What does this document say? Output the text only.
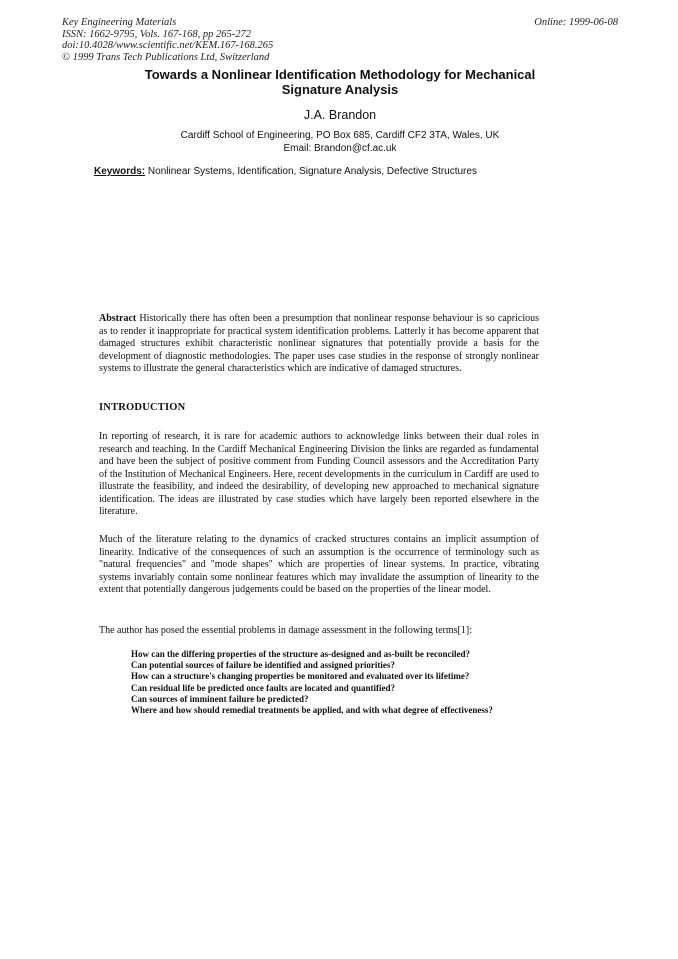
Key Engineering Materials
ISSN: 1662-9795, Vols. 167-168, pp 265-272
doi:10.4028/www.scientific.net/KEM.167-168.265
© 1999 Trans Tech Publications Ltd, Switzerland
Online: 1999-06-08
Towards a Nonlinear Identification Methodology for Mechanical
Signature Analysis
J.A. Brandon
Cardiff School of Engineering, PO Box 685, Cardiff CF2 3TA, Wales, UK
Email: Brandon@cf.ac.uk
Keywords: Nonlinear Systems, Identification, Signature Analysis, Defective Structures
Abstract Historically there has often been a presumption that nonlinear response behaviour is so capricious as to render it inappropriate for practical system identification problems. Latterly it has become apparent that damaged structures exhibit characteristic nonlinear signatures that potentially provide a basis for the development of diagnostic methodologies. The paper uses case studies in the response of strongly nonlinear systems to illustrate the general characteristics which are indicative of damaged structures.
INTRODUCTION
In reporting of research, it is rare for academic authors to acknowledge links between their dual roles in research and teaching. In the Cardiff Mechanical Engineering Division the links are regarded as fundamental and have been the subject of positive comment from Funding Council assessors and the Accreditation Party of the Institution of Mechanical Engineers. Here, recent developments in the curriculum in Cardiff are used to illustrate the feasibility, and indeed the desirability, of developing new approached to mechanical signature identification. The ideas are illustrated by case studies which have largely been reported elsewhere in the literature.
Much of the literature relating to the dynamics of cracked structures contains an implicit assumption of linearity. Indicative of the consequences of such an assumption is the occurrence of terminology such as "natural frequencies" and "mode shapes" which are properties of linear systems. In practice, vibrating systems invariably contain some nonlinear features which may invalidate the assumption of linearity to the extent that potentially dangerous judgements could be based on the properties of the linear model.
The author has posed the essential problems in damage assessment in the following terms[1]:
How can the differing properties of the structure as-designed and as-built be reconciled?
Can potential sources of failure be identified and assigned priorities?
How can a structure's changing properties be monitored and evaluated over its lifetime?
Can residual life be predicted once faults are located and quantified?
Can sources of imminent failure be predicted?
Where and how should remedial treatments be applied, and with what degree of effectiveness?
